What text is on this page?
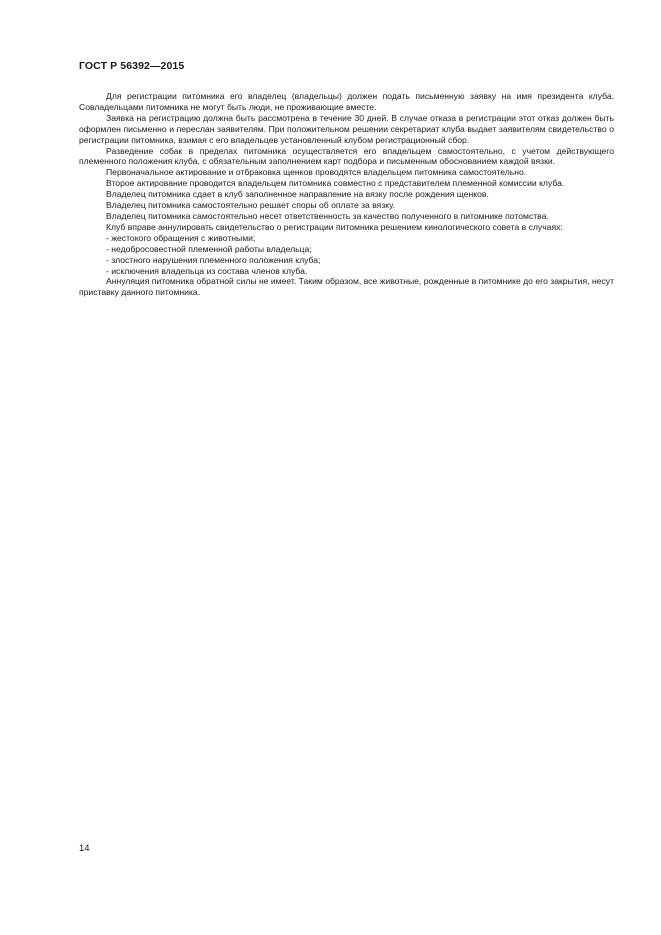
ГОСТ Р 56392—2015

Для регистрации питомника его владелец (владельцы) должен подать письменную заявку на имя президента клуба. Совладельцами питомника не могут быть люди, не проживающие вместе.

Заявка на регистрацию должна быть рассмотрена в течение 30 дней. В случае отказа в регистрации этот отказ должен быть оформлен письменно и переслан заявителям. При положительном решении секретариат клуба выдает заявителям свидетельство о регистрации питомника, взимая с его владельцев установленный клубом регистрационный сбор.

Разведение собак в пределах питомника осуществляется его владельцем самостоятельно, с учетом действующего племенного положения клуба, с обязательным заполнением карт подбора и письменным обоснованием каждой вязки.

Первоначальное актирование и отбраковка щенков проводятся владельцем питомника самостоятельно.

Второе актирование проводится владельцем питомника совместно с представителем племенной комиссии клуба.

Владелец питомника сдает в клуб заполненное направление на вязку после рождения щенков.

Владелец питомника самостоятельно решает споры об оплате за вязку.

Владелец питомника самостоятельно несет ответственность за качество полученного в питомнике потомства.

Клуб вправе аннулировать свидетельство о регистрации питомника решением кинологического совета в случаях:

- жестокого обращения с животными;

- недобросовестной племенной работы владельца;

- злостного нарушения племенного положения клуба;

- исключения владельца из состава членов клуба.

Аннуляция питомника обратной силы не имеет. Таким образом, все животные, рожденные в питомнике до его закрытия, несут приставку данного питомника.

14
